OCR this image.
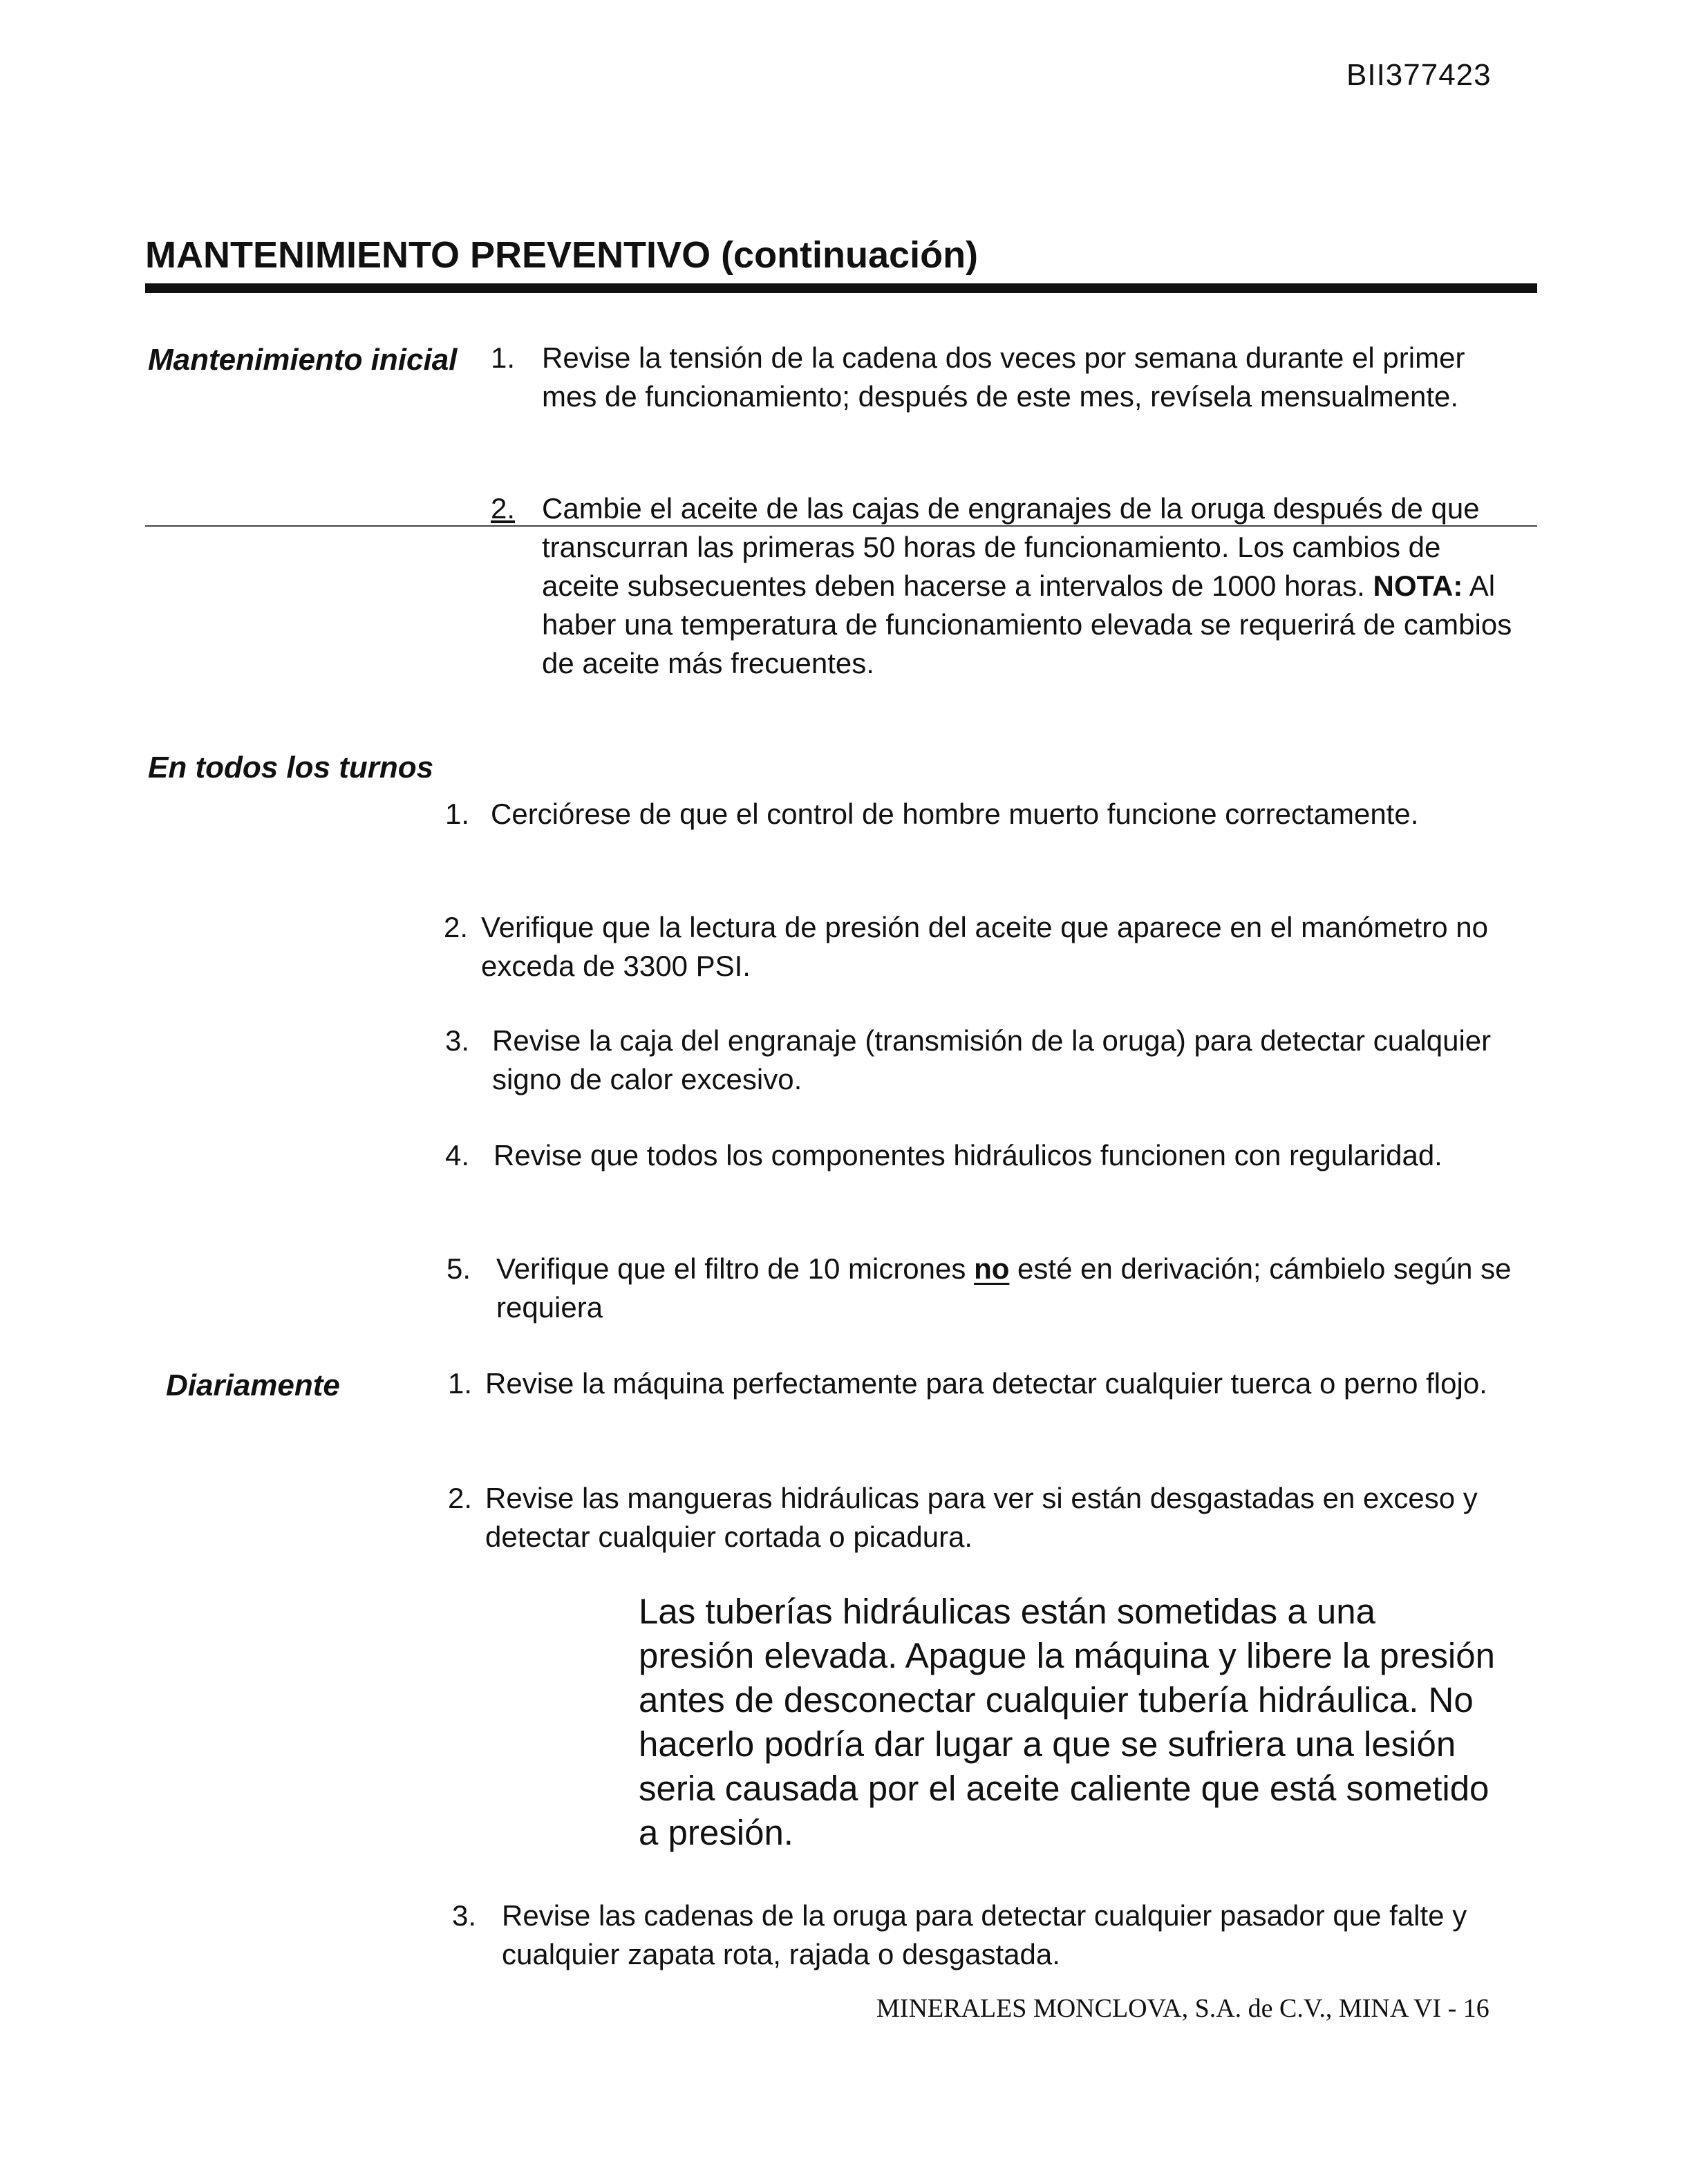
BII377423
MANTENIMIENTO PREVENTIVO (continuación)
Mantenimiento inicial 1. Revise la tensión de la cadena dos veces por semana durante el primer mes de funcionamiento; después de este mes, revísela mensualmente.
2. Cambie el aceite de las cajas de engranajes de la oruga después de que transcurran las primeras 50 horas de funcionamiento. Los cambios de aceite subsecuentes deben hacerse a intervalos de 1000 horas. NOTA: Al haber una temperatura de funcionamiento elevada se requerirá de cambios de aceite más frecuentes.
En todos los turnos
1. Cerciórese de que el control de hombre muerto funcione correctamente.
2. Verifique que la lectura de presión del aceite que aparece en el manómetro no exceda de 3300 PSI.
3. Revise la caja del engranaje (transmisión de la oruga) para detectar cualquier signo de calor excesivo.
4. Revise que todos los componentes hidráulicos funcionen con regularidad.
5. Verifique que el filtro de 10 micrones no esté en derivación; cámbielo según se requiera
Diariamente	1. Revise la máquina perfectamente para detectar cualquier tuerca o perno flojo.
2. Revise las mangueras hidráulicas para ver si están desgastadas en exceso y detectar cualquier cortada o picadura.

Las tuberías hidráulicas están sometidas a una presión elevada. Apague la máquina y libere la presión antes de desconectar cualquier tubería hidráulica. No hacerlo podría dar lugar a que se sufriera una lesión seria causada por el aceite caliente que está sometido a presión.

3. Revise las cadenas de la oruga para detectar cualquier pasador que falte y cualquier zapata rota, rajada o desgastada.
MINERALES MONCLOVA, S.A. de C.V., MINA VI - 16
